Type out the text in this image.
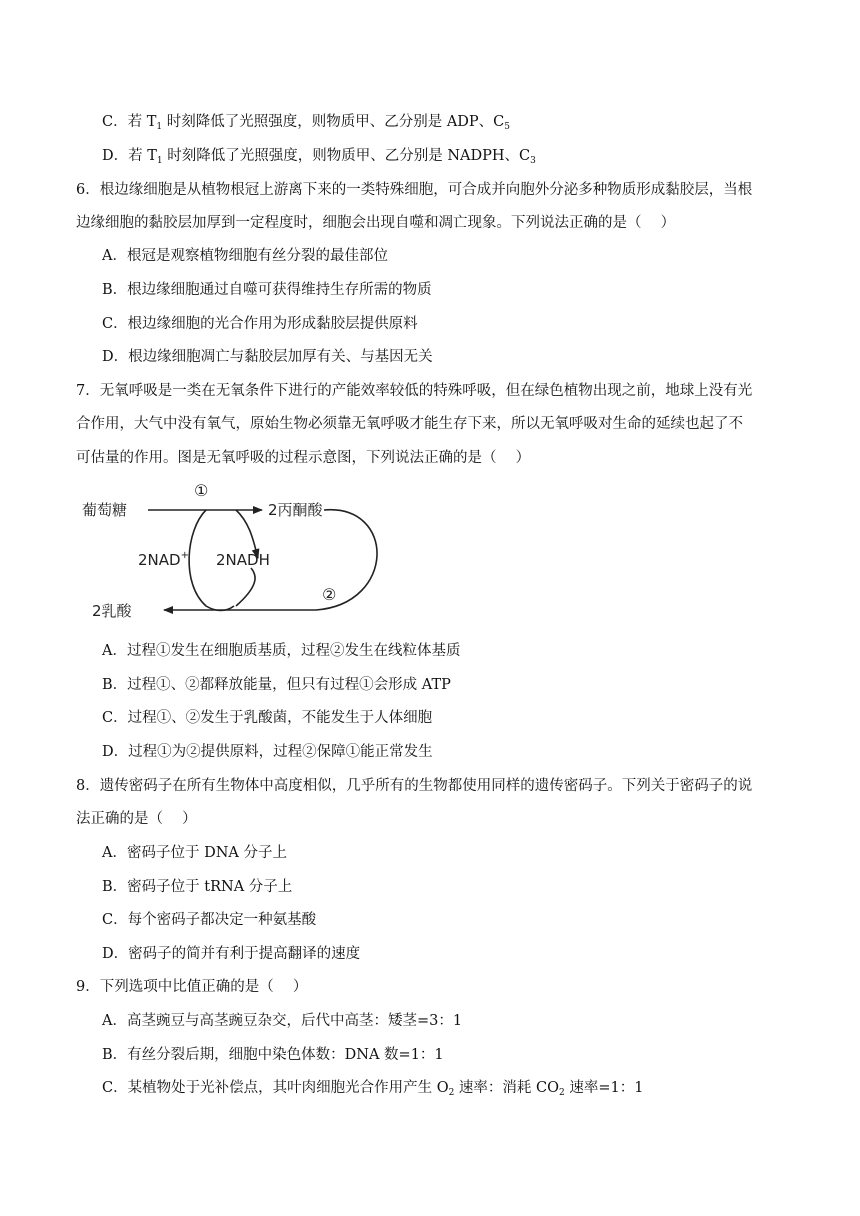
C．若 $T_1$ 时刻降低了光照强度，则物质甲、乙分别是 ADP、$C_5$
D．若 $T_1$ 时刻降低了光照强度，则物质甲、乙分别是 NADPH、$C_3$
6．根边缘细胞是从植物根冠上游离下来的一类特殊细胞，可合成并向胞外分泌多种物质形成黏胶层，当根
边缘细胞的黏胶层加厚到一定程度时，细胞会出现自噬和凋亡现象。下列说法正确的是（　 ）
A．根冠是观察植物细胞有丝分裂的最佳部位
B．根边缘细胞通过自噬可获得维持生存所需的物质
C．根边缘细胞的光合作用为形成黏胶层提供原料
D．根边缘细胞凋亡与黏胶层加厚有关、与基因无关
7．无氧呼吸是一类在无氧条件下进行的产能效率较低的特殊呼吸，但在绿色植物出现之前，地球上没有光
合作用，大气中没有氧气，原始生物必须靠无氧呼吸才能生存下来，所以无氧呼吸对生命的延续也起了不
可估量的作用。图是无氧呼吸的过程示意图，下列说法正确的是（　 ）
葡萄糖	2丙酮酸
2NAD+ 2NADH
2乳酸
①
②
A．过程①发生在细胞质基质，过程②发生在线粒体基质
B．过程①、②都释放能量，但只有过程①会形成 ATP
C．过程①、②发生于乳酸菌，不能发生于人体细胞
D．过程①为②提供原料，过程②保障①能正常发生
8．遗传密码子在所有生物体中高度相似，几乎所有的生物都使用同样的遗传密码子。下列关于密码子的说
法正确的是（　 ）
A．密码子位于 DNA 分子上
B．密码子位于 tRNA 分子上
C．每个密码子都决定一种氨基酸
D．密码子的简并有利于提高翻译的速度
9．下列选项中比值正确的是（　 ）
A．高茎豌豆与高茎豌豆杂交，后代中高茎：矮茎=3：1
B．有丝分裂后期，细胞中染色体数：DNA 数=1：1
C．某植物处于光补偿点，其叶肉细胞光合作用产生 $O_2$ 速率：消耗 $CO_2$ 速率=1：1
